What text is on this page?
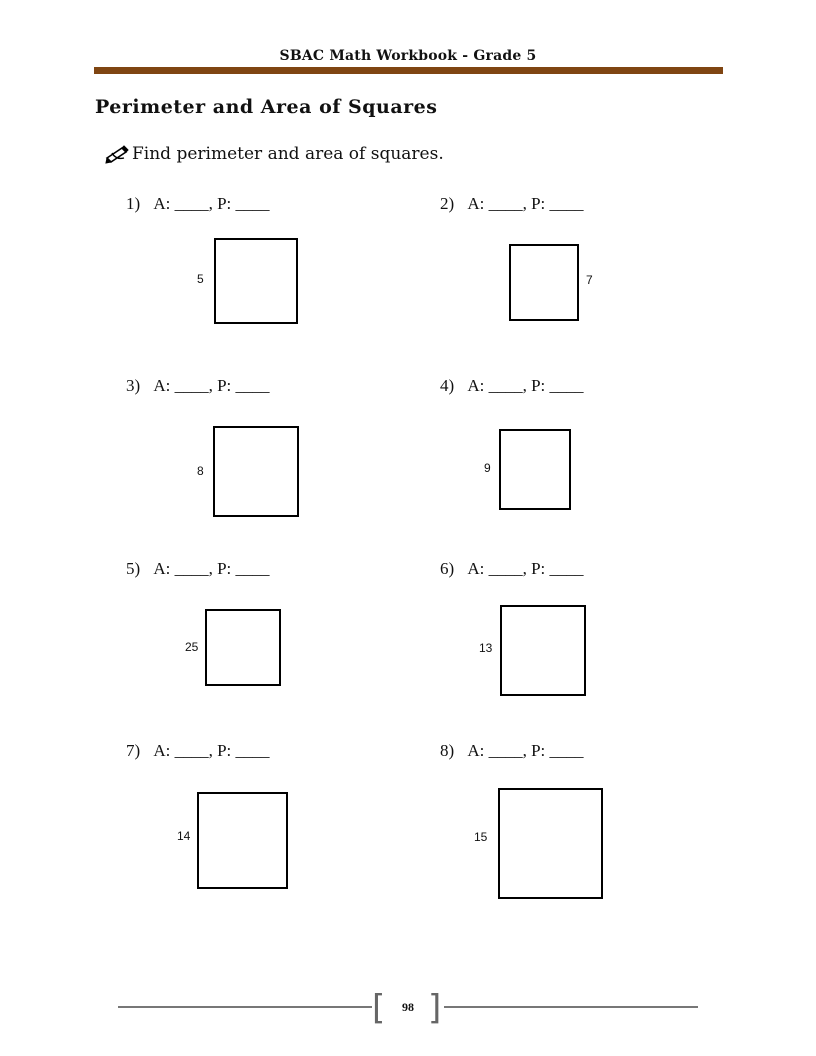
SBAC Math Workbook - Grade 5
Perimeter and Area of Squares
Find perimeter and area of squares.
1) A: ____, P: ____
5
2) A: ____, P: ____
7
3) A: ____, P: ____
8
4) A: ____, P: ____
9
5) A: ____, P: ____
25
6) A: ____, P: ____
13
7) A: ____, P: ____
14
8) A: ____, P: ____
15
[	98 ]
